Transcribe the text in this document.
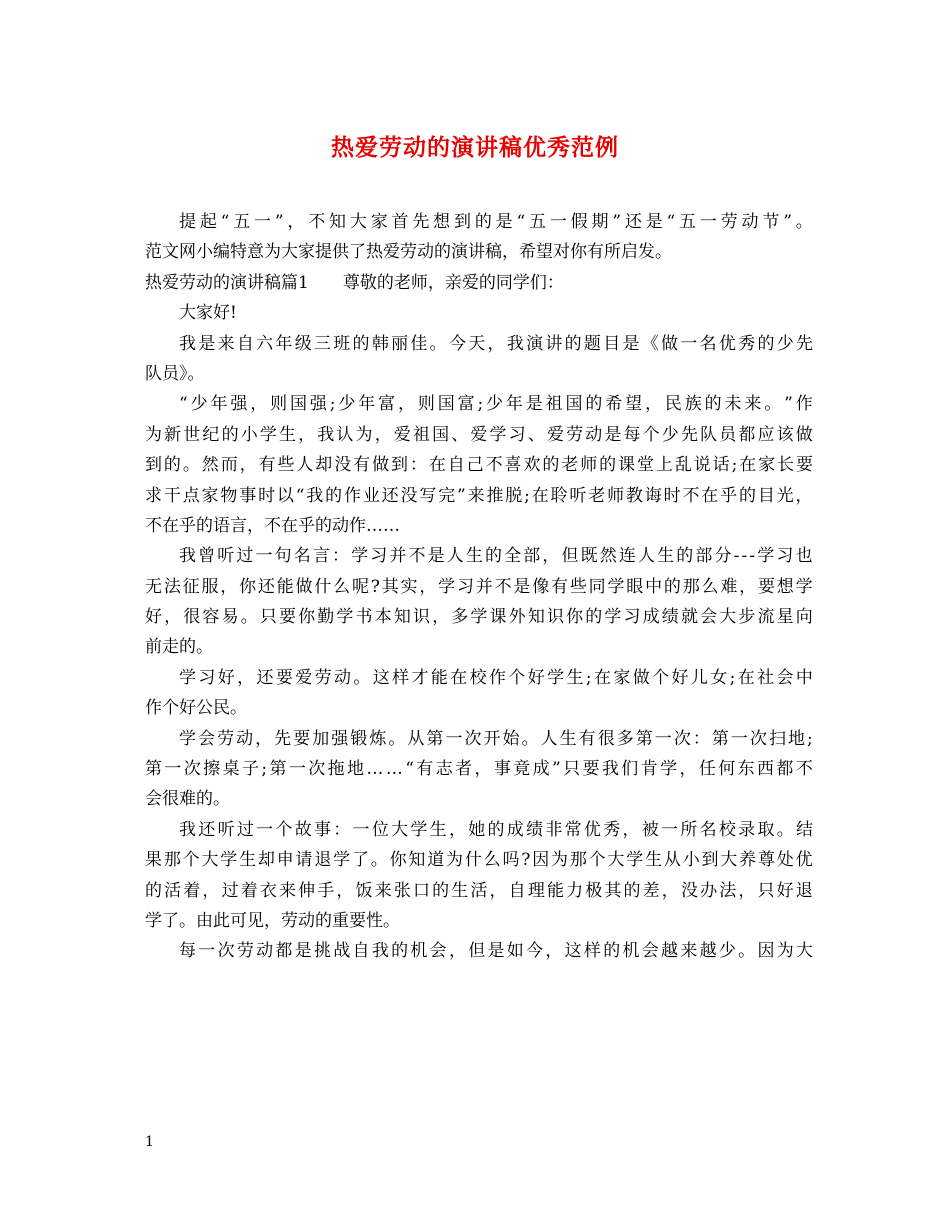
热爱劳动的演讲稿优秀范例
提 起 “ 五 一 ” ， 不 知 大 家 首 先 想 到 的 是 “ 五 一 假 期 ” 还 是 “ 五 一 劳 动 节 ” 。
范文网小编特意为大家提供了热爱劳动的演讲稿，希望对你有所启发。
热爱劳动的演讲稿篇1　　尊敬的老师，亲爱的同学们：
大家好!
我 是 来 自 六 年 级 三 班 的 韩 丽 佳 。 今 天 ， 我 演 讲 的 题 目 是 《 做 一 名 优 秀 的 少 先
队员》。
“ 少 年 强 ， 则 国 强 ; 少 年 富 ， 则 国 富 ; 少 年 是 祖 国 的 希 望 ， 民 族 的 未 来 。 ” 作
为 新 世 纪 的 小 学 生 ， 我 认 为 ， 爱 祖 国 、 爱 学 习 、 爱 劳 动 是 每 个 少 先 队 员 都 应 该 做
到 的 。 然 而 ， 有 些 人 却 没 有 做 到 ： 在 自 己 不 喜 欢 的 老 师 的 课 堂 上 乱 说 话 ; 在 家 长 要
求 干 点 家 物 事 时 以 “ 我 的 作 业 还 没 写 完 ” 来 推 脱 ; 在 聆 听 老 师 教 诲 时 不 在 乎 的 目 光 ，
不在乎的语言，不在乎的动作……
我 曾 听 过 一 句 名 言 ： 学 习 并 不 是 人 生 的 全 部 ， 但 既 然 连 人 生 的 部 分 - - - 学 习 也
无 法 征 服 ， 你 还 能 做 什 么 呢 ? 其 实 ， 学 习 并 不 是 像 有 些 同 学 眼 中 的 那 么 难 ， 要 想 学
好 ， 很 容 易 。 只 要 你 勤 学 书 本 知 识 ， 多 学 课 外 知 识 你 的 学 习 成 绩 就 会 大 步 流 星 向
前走的。
学 习 好 ， 还 要 爱 劳 动 。 这 样 才 能 在 校 作 个 好 学 生 ; 在 家 做 个 好 儿 女 ; 在 社 会 中
作个好公民。
学 会 劳 动 ， 先 要 加 强 锻 炼 。 从 第 一 次 开 始 。 人 生 有 很 多 第 一 次 ： 第 一 次 扫 地 ;
第 一 次 擦 桌 子 ; 第 一 次 拖 地 … … “ 有 志 者 ， 事 竟 成 ” 只 要 我 们 肯 学 ， 任 何 东 西 都 不
会很难的。
我 还 听 过 一 个 故 事 ： 一 位 大 学 生 ， 她 的 成 绩 非 常 优 秀 ， 被 一 所 名 校 录 取 。 结
果 那 个 大 学 生 却 申 请 退 学 了 。 你 知 道 为 什 么 吗 ? 因 为 那 个 大 学 生 从 小 到 大 养 尊 处 优
的 活 着 ， 过 着 衣 来 伸 手 ， 饭 来 张 口 的 生 活 ， 自 理 能 力 极 其 的 差 ， 没 办 法 ， 只 好 退
学了。由此可见，劳动的重要性。
每 一 次 劳 动 都 是 挑 战 自 我 的 机 会 ， 但 是 如 今 ， 这 样 的 机 会 越 来 越 少 。 因 为 大
1
